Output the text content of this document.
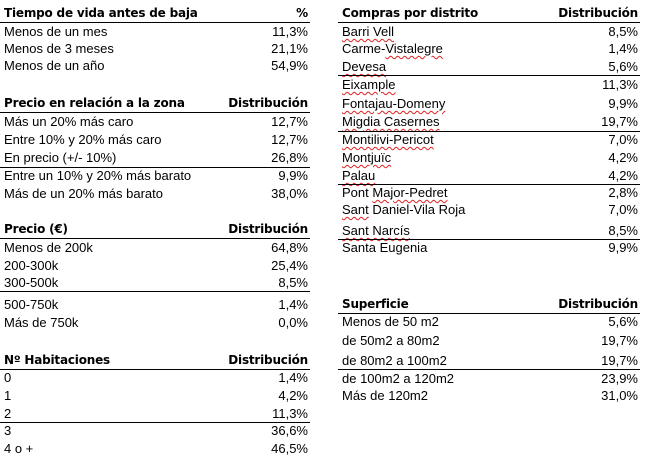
Tiempo de vida antes de baja	%
Menos de un mes	11,3%
Menos de 3 meses	21,1%
Menos de un año	54,9%
Precio en relación a la zona	Distribución
Más un 20% más caro	12,7%
Entre 10% y 20% más caro	12,7%
En precio (+/- 10%)	26,8%
Entre un 10% y 20% más barato	9,9%
Más de un 20% más barato	38,0%
Precio (€)	Distribución
Menos de 200k	64,8%
200-300k	25,4%
300-500k	8,5%
500-750k	1,4%
Más de 750k	0,0%
Nº Habitaciones	Distribución
0	1,4%
1	4,2%
2	11,3%
3	36,6%
4 o +	46,5%
Compras por distrito	Distribución
Barri Vell	8,5%
Carme-Vistalegre	1,4%
Devesa	5,6%
Eixample	11,3%
Fontajau-Domeny	9,9%
Migdia Casernes	19,7%
Montilivi-Pericot	7,0%
Montjuïc	4,2%
Palau	4,2%
Pont Major-Pedret	2,8%
Sant Daniel-Vila Roja	7,0%
Sant Narcís	8,5%
Santa Eugenia	9,9%
Superficie	Distribución
Menos de 50 m2	5,6%
de 50m2 a 80m2	19,7%
de 80m2 a 100m2	19,7%
de 100m2 a 120m2	23,9%
Más de 120m2	31,0%
